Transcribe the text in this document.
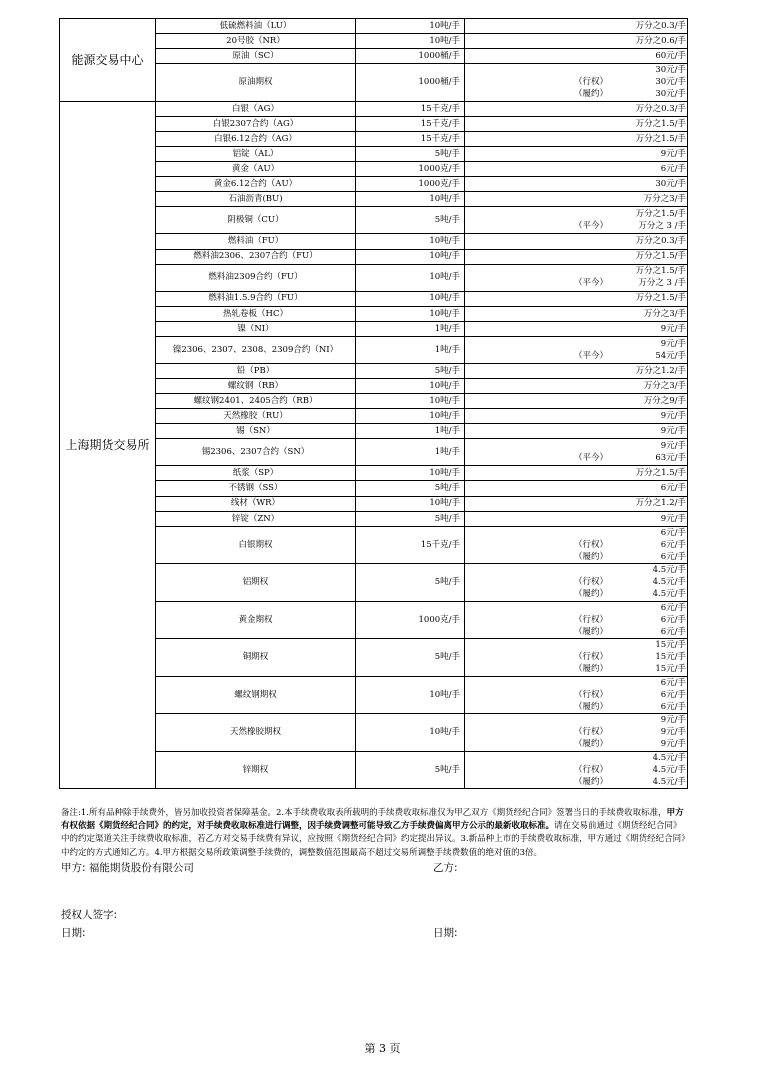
能源交易中心	低硫燃料油（LU）	10吨/手	万分之0.3/手

	20号胶（NR）	10吨/手	万分之0.6/手

	原油（SC）	1000桶/手	60元/手

	原油期权	1000桶/手	30元/手
（行权） 30元/手
（履约） 30元/手

上海期货交易所	白银（AG）	15千克/手	万分之0.3/手

	白银2307合约（AG）	15千克/手	万分之1.5/手

	白银6.12合约（AG）	15千克/手	万分之1.5/手

	铝锭（AL）	5吨/手	9元/手

	黄金（AU）	1000克/手	6元/手

	黄金6.12合约（AU）	1000克/手	30元/手

	石油沥青(BU)	10吨/手	万分之3/手

	阴极铜（CU）	5吨/手	万分之1.5/手
（平今） 万分之 3 /手

	燃料油（FU）	10吨/手	万分之0.3/手

	燃料油2306、2307合约（FU）	10吨/手	万分之1.5/手

	燃料油2309合约（FU）	10吨/手	万分之1.5/手
（平今） 万分之 3 /手

	燃料油1.5.9合约（FU）	10吨/手	万分之1.5/手

	热轧卷板（HC）	10吨/手	万分之3/手

	镍（NI）	1吨/手	9元/手

	镍2306、2307、2308、2309合约（NI）	1吨/手	9元/手
（平今） 54元/手

	铅（PB）	5吨/手	万分之1.2/手

	螺纹钢（RB）	10吨/手	万分之3/手

	螺纹钢2401、2405合约（RB）	10吨/手	万分之9/手

	天然橡胶（RU）	10吨/手	9元/手

	锡（SN）	1吨/手	9元/手

	锡2306、2307合约（SN）	1吨/手	9元/手
（平今） 63元/手

	纸浆（SP）	10吨/手	万分之1.5/手

	不锈钢（SS）	5吨/手	6元/手

	线材（WR）	10吨/手	万分之1.2/手

	锌锭（ZN）	5吨/手	9元/手

	白银期权	15千克/手	6元/手
（行权） 6元/手
（履约） 6元/手

	铝期权	5吨/手	4.5元/手
（行权） 4.5元/手
（履约） 4.5元/手

	黄金期权	1000克/手	6元/手
（行权） 6元/手
（履约） 6元/手

	铜期权	5吨/手	15元/手
（行权） 15元/手
（履约） 15元/手

	螺纹钢期权	10吨/手	6元/手
（行权） 6元/手
（履约） 6元/手

	天然橡胶期权	10吨/手	9元/手
（行权） 9元/手
（履约） 9元/手

	锌期权	5吨/手	4.5元/手
（行权） 4.5元/手
（履约） 4.5元/手
备注:1.所有品种除手续费外，皆另加收投资者保障基金。2.本手续费收取表所载明的手续费收取标准仅为甲乙双方《期货经纪合同》签署当日的手续费收取标准，甲方有权依据《期货经纪合同》的约定，对手续费收取标准进行调整，因手续费调整可能导致乙方手续费偏离甲方公示的最新收取标准。请在交易前通过《期货经纪合同》中的约定渠道关注手续费收取标准，若乙方对交易手续费有异议，应按照《期货经纪合同》约定提出异议。3.新品种上市的手续费收取标准，甲方通过《期货经纪合同》中约定的方式通知乙方。4.甲方根据交易所政策调整手续费的，调整数值范围最高不超过交易所调整手续费数值的绝对值的3倍。
甲方: 福能期货股份有限公司	乙方:
授权人签字:
日期:	日期:
第 3 页
